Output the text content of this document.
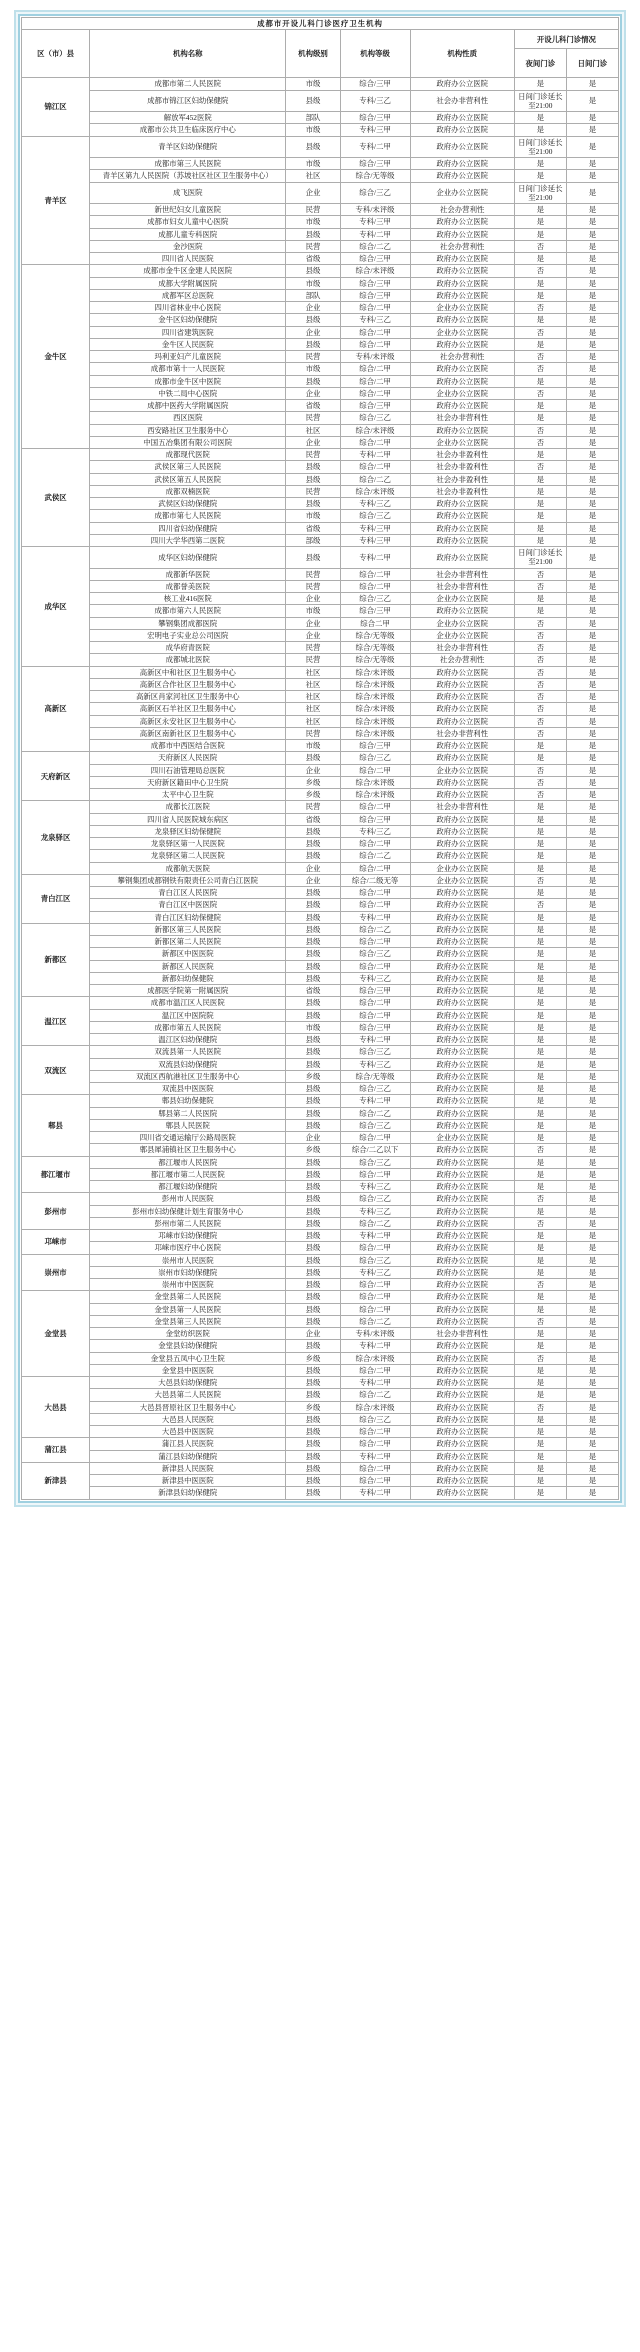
成都市开设儿科门诊医疗卫生机构						
区（市）县	机构名称	机构级别	机构等级	机构性质	开设儿科门诊情况	
					夜间门诊	日间门诊
锦江区	成都市第二人民医院	市级	综合/三甲	政府办公立医院	是	是
	成都市锦江区妇幼保健院	县级	专科/三乙	社会办非营利性	日间门诊延长至21:00	是
	解放军452医院	部队	综合/三甲	政府办公立医院	是	是
	成都市公共卫生临床医疗中心	市级	专科/三甲	政府办公立医院	是	是
青羊区	青羊区妇幼保健院	县级	专科/二甲	政府办公立医院	日间门诊延长至21:00	是
	成都市第三人民医院	市级	综合/三甲	政府办公立医院	是	是
	青羊区第九人民医院（苏坡社区社区卫生服务中心）	社区	综合/无等级	政府办公立医院	是	是
	成飞医院	企业	综合/三乙	企业办公立医院	日间门诊延长至21:00	是
	新世纪妇女儿童医院	民营	专科/未评级	社会办营利性	是	是
	成都市妇女儿童中心医院	市级	专科/三甲	政府办公立医院	是	是
	成都儿童专科医院	县级	专科/二甲	政府办公立医院	是	是
	金沙医院	民营	综合/二乙	社会办营利性	否	是
	四川省人民医院	省级	综合/三甲	政府办公立医院	是	是
金牛区	成都市金牛区金建人民医院	县级	综合/未评级	政府办公立医院	否	是
	成都大学附属医院	市级	综合/三甲	政府办公立医院	是	是
	成都军区总医院	部队	综合/三甲	政府办公立医院	是	是
	四川省林业中心医院	企业	综合/二甲	企业办公立医院	否	是
	金牛区妇幼保健院	县级	专科/三乙	政府办公立医院	是	是
	四川省建筑医院	企业	综合/二甲	企业办公立医院	否	是
	金牛区人民医院	县级	综合/二甲	政府办公立医院	是	是
	玛利亚妇产儿童医院	民营	专科/未评级	社会办营利性	否	是
	成都市第十一人民医院	市级	综合/二甲	政府办公立医院	否	是
	成都市金牛区中医院	县级	综合/二甲	政府办公立医院	是	是
	中铁二局中心医院	企业	综合/二甲	企业办公立医院	否	是
	成都中医药大学附属医院	省级	综合/三甲	政府办公立医院	是	是
	西区医院	民营	综合/三乙	社会办非营利性	是	是
	西安路社区卫生服务中心	社区	综合/未评级	政府办公立医院	否	是
	中国五冶集团有限公司医院	企业	综合/二甲	企业办公立医院	否	是
武侯区	成都现代医院	民营	专科/二甲	社会办非盈利性	是	是
	武侯区第三人民医院	县级	综合/二甲	社会办非盈利性	否	是
	武侯区第五人民医院	县级	综合/二乙	社会办非盈利性	是	是
	成都双楠医院	民营	综合/未评级	社会办非盈利性	是	是
	武侯区妇幼保健院	县级	专科/三乙	政府办公立医院	是	是
	成都市第七人民医院	市级	综合/三乙	政府办公立医院	是	是
	四川省妇幼保健院	省级	专科/三甲	政府办公立医院	是	是
	四川大学华西第二医院	部级	专科/三甲	政府办公立医院	是	是
成华区	成华区妇幼保健院	县级	专科/二甲	政府办公立医院	日间门诊延长至21:00	是
	成都新华医院	民营	综合/二甲	社会办非营利性	否	是
	成都誉美医院	民营	综合/二甲	社会办非营利性	否	是
	核工业416医院	企业	综合/三乙	企业办公立医院	是	是
	成都市第六人民医院	市级	综合/三甲	政府办公立医院	是	是
	攀钢集团成都医院	企业	综合二甲	企业办公立医院	否	是
	宏明电子实业总公司医院	企业	综合/无等级	企业办公立医院	否	是
	成华府青医院	民营	综合/无等级	社会办非营利性	否	是
	成都城北医院	民营	综合/无等级	社会办营利性	否	是
高新区	高新区中和社区卫生服务中心	社区	综合/未评级	政府办公立医院	否	是
	高新区合作社区卫生服务中心	社区	综合/未评级	政府办公立医院	否	是
	高新区肖家河社区卫生服务中心	社区	综合/未评级	政府办公立医院	否	是
	高新区石羊社区卫生服务中心	社区	综合/未评级	政府办公立医院	否	是
	高新区永安社区卫生服务中心	社区	综合/未评级	政府办公立医院	否	是
	高新区南新社区卫生服务中心	民营	综合/未评级	社会办非营利性	否	是
	成都市中西医结合医院	市级	综合/三甲	政府办公立医院	是	是
天府新区	天府新区人民医院	县级	综合/三乙	政府办公立医院	是	是
	四川石油管理局总医院	企业	综合/二甲	企业办公立医院	否	是
	天府新区籍田中心卫生院	乡级	综合/未评级	政府办公立医院	否	是
	太平中心卫生院	乡级	综合/未评级	政府办公立医院	否	是
龙泉驿区	成都长江医院	民营	综合/二甲	社会办非营利性	是	是
	四川省人民医院城东病区	省级	综合/三甲	政府办公立医院	是	是
	龙泉驿区妇幼保健院	县级	专科/三乙	政府办公立医院	是	是
	龙泉驿区第一人民医院	县级	综合/二甲	政府办公立医院	是	是
	龙泉驿区第二人民医院	县级	综合/二乙	政府办公立医院	是	是
	成都航天医院	企业	综合/二甲	企业办公立医院	是	是
青白江区	攀钢集团成都钢铁有限责任公司青白江医院	企业	综合/二级无等	企业办公立医院	否	是
	青白江区人民医院	县级	综合/二甲	政府办公立医院	是	是
	青白江区中医医院	县级	综合/二甲	政府办公立医院	否	是
	青白江区妇幼保健院	县级	专科/二甲	政府办公立医院	是	是
新都区	新都区第三人民医院	县级	综合/二乙	政府办公立医院	是	是
	新都区第二人民医院	县级	综合/二甲	政府办公立医院	是	是
	新都区中医医院	县级	综合/三乙	政府办公立医院	是	是
	新都区人民医院	县级	综合/二甲	政府办公立医院	是	是
	新都妇幼保健院	县级	专科/三乙	政府办公立医院	是	是
	成都医学院第一附属医院	省级	综合/三甲	政府办公立医院	是	是
温江区	成都市温江区人民医院	县级	综合/二甲	政府办公立医院	是	是
	温江区中医院院	县级	综合/二甲	政府办公立医院	是	是
	成都市第五人民医院	市级	综合/三甲	政府办公立医院	是	是
	温江区妇幼保健院	县级	专科/二甲	政府办公立医院	是	是
双流区	双流县第一人民医院	县级	综合/三乙	政府办公立医院	是	是
	双流县妇幼保健院	县级	专科/三乙	政府办公立医院	是	是
	双流区西航港社区卫生服务中心	乡级	综合/无等级	政府办公立医院	是	是
	双流县中医医院	县级	综合/三乙	政府办公立医院	是	是
郫县	郫县妇幼保健院	县级	专科/二甲	政府办公立医院	是	是
	郫县第二人民医院	县级	综合/二乙	政府办公立医院	是	是
	郫县人民医院	县级	综合/三乙	政府办公立医院	是	是
	四川省交通运输厅公路局医院	企业	综合/二甲	企业办公立医院	是	是
	郫县犀浦镇社区卫生服务中心	乡级	综合/二乙以下	政府办公立医院	否	是
都江堰市	都江堰市人民医院	县级	综合/三乙	政府办公立医院	是	是
	都江堰市第二人民医院	县级	综合/二甲	政府办公立医院	是	是
	都江堰妇幼保健院	县级	专科/三乙	政府办公立医院	是	是
彭州市	彭州市人民医院	县级	综合/三乙	政府办公立医院	否	是
	彭州市妇幼保健计划生育服务中心	县级	专科/三乙	政府办公立医院	是	是
	彭州市第二人民医院	县级	综合/二乙	政府办公立医院	否	是
邛崃市	邛崃市妇幼保健院	县级	专科/二甲	政府办公立医院	是	是
	邛崃市医疗中心医院	县级	综合/二甲	政府办公立医院	是	是
崇州市	崇州市人民医院	县级	综合/三乙	政府办公立医院	是	是
	崇州市妇幼保健院	县级	专科/三乙	政府办公立医院	是	是
	崇州市中医医院	县级	综合/二甲	政府办公立医院	否	是
金堂县	金堂县第二人民医院	县级	综合/二甲	政府办公立医院	是	是
	金堂县第一人民医院	县级	综合/二甲	政府办公立医院	是	是
	金堂县第三人民医院	县级	综合/二乙	政府办公立医院	否	是
	金堂纺织医院	企业	专科/未评级	社会办非营利性	是	是
	金堂县妇幼保健院	县级	专科/二甲	政府办公立医院	是	是
	金堂县五凤中心卫生院	乡级	综合/未评级	政府办公立医院	否	是
	金堂县中医医院	县级	综合/二甲	政府办公立医院	是	是
大邑县	大邑县妇幼保健院	县级	专科/二甲	政府办公立医院	是	是
	大邑县第二人民医院	县级	综合/二乙	政府办公立医院	是	是
	大邑县晋原社区卫生服务中心	乡级	综合/未评级	政府办公立医院	否	是
	大邑县人民医院	县级	综合/三乙	政府办公立医院	是	是
	大邑县中医医院	县级	综合/二甲	政府办公立医院	是	是
蒲江县	蒲江县人民医院	县级	综合/二甲	政府办公立医院	是	是
	蒲江县妇幼保健院	县级	专科/二甲	政府办公立医院	是	是
新津县	新津县人民医院	县级	综合/二甲	政府办公立医院	是	是
	新津县中医医院	县级	综合/二甲	政府办公立医院	是	是
	新津县妇幼保健院	县级	专科/二甲	政府办公立医院	是	是
